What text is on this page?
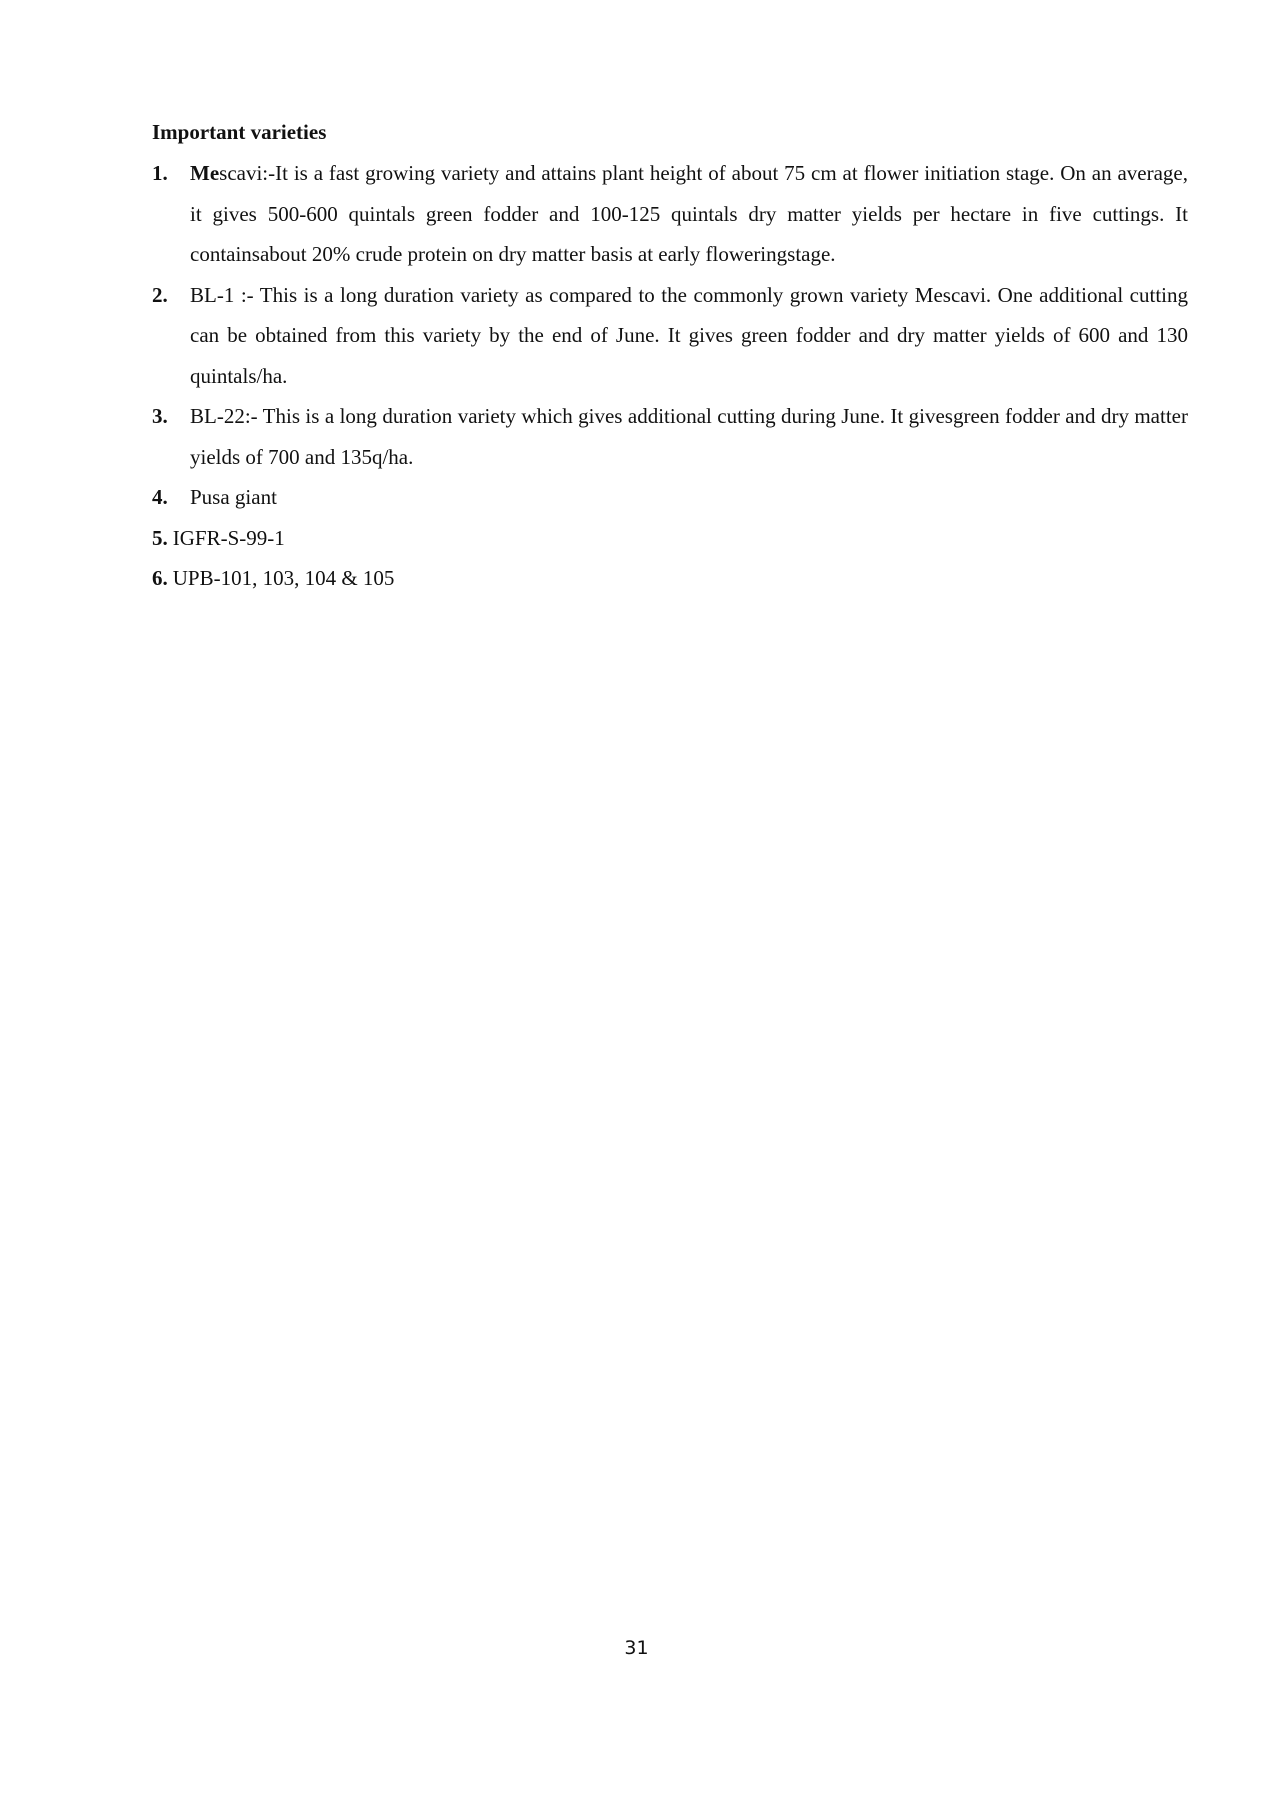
Important varieties
1. Mescavi:-It is a fast growing variety and attains plant height of about 75 cm at flower initiation stage. On an average, it gives 500-600 quintals green fodder and 100-125 quintals dry matter yields per hectare in five cuttings. It containsabout 20% crude protein on dry matter basis at early floweringstage.
2. BL-1 :- This is a long duration variety as compared to the commonly grown variety Mescavi. One additional cutting can be obtained from this variety by the end of June. It gives green fodder and dry matter yields of 600 and 130 quintals/ha.
3. BL-22:- This is a long duration variety which gives additional cutting during June. It givesgreen fodder and dry matter yields of 700 and 135q/ha.
4. Pusa giant
5. IGFR-S-99-1
6. UPB-101, 103, 104 & 105
31
